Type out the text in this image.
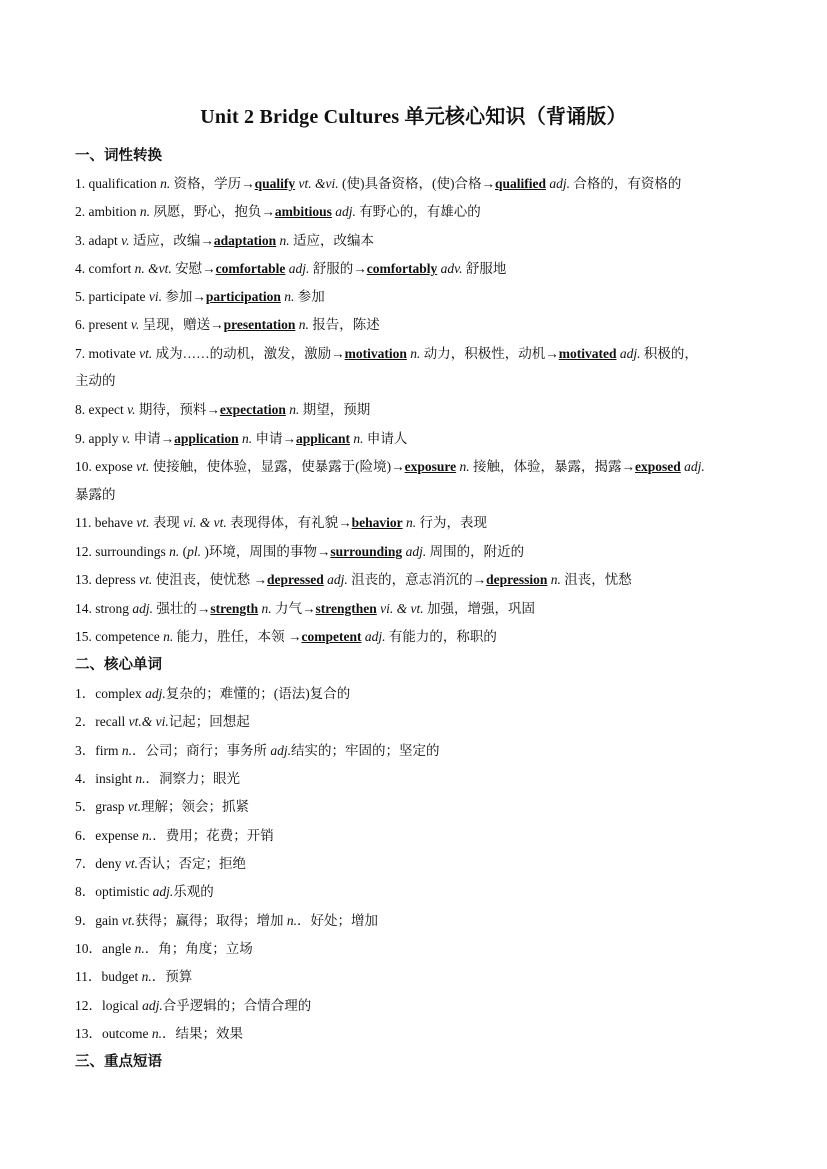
Unit 2 Bridge Cultures 单元核心知识（背诵版）
一、词性转换
1. qualification n. 资格，学历→qualify vt. &vi. (使)具备资格，(使)合格→qualified adj. 合格的，有资格的
2. ambition n. 夙愿，野心，抱负→ambitious adj. 有野心的，有雄心的
3. adapt v. 适应，改编→adaptation n. 适应，改编本
4. comfort n. &vt. 安慰→comfortable adj. 舒服的→comfortably adv. 舒服地
5. participate vi. 参加→participation n. 参加
6. present v. 呈现，赠送→presentation n. 报告，陈述
7. motivate vt. 成为……的动机，激发，激励→motivation n. 动力，积极性，动机→motivated adj. 积极的，
8. expect v. 期待，预料→expectation n. 期望，预期
9. apply v. 申请→application n. 申请→applicant n. 申请人
10. expose vt. 使接触，使体验，显露，使暴露于(险境)→exposure n. 接触，体验，暴露，揭露→exposed adj.
11. behave vt. 表现 vi. & vt. 表现得体，有礼貌→behavior n. 行为，表现
12. surroundings n. (pl. )环境，周围的事物→surrounding adj. 周围的，附近的
13. depress vt. 使沮丧，使忧愁 →depressed adj. 沮丧的，意志消沉的→depression n. 沮丧，忧愁
14. strong adj. 强壮的→strength n. 力气→strengthen vi. & vt. 加强，增强，巩固
15. competence n. 能力，胜任，本领 →competent adj. 有能力的，称职的
主动的
暴露的
二、核心单词
1．complex adj.复杂的；难懂的；(语法)复合的
2．recall vt.& vi.记起；回想起
3．firm n.．公司；商行；事务所 adj.结实的；牢固的；坚定的
4．insight n.．洞察力；眼光
5．grasp vt.理解；领会；抓紧
6．expense n.．费用；花费；开销
7．deny vt.否认；否定；拒绝
8．optimistic adj.乐观的
9．gain vt.获得；赢得；取得；增加 n.．好处；增加
10．angle n.．角；角度；立场
11．budget n.．预算
12．logical adj.合乎逻辑的；合情合理的
13．outcome n.．结果；效果
三、重点短语
